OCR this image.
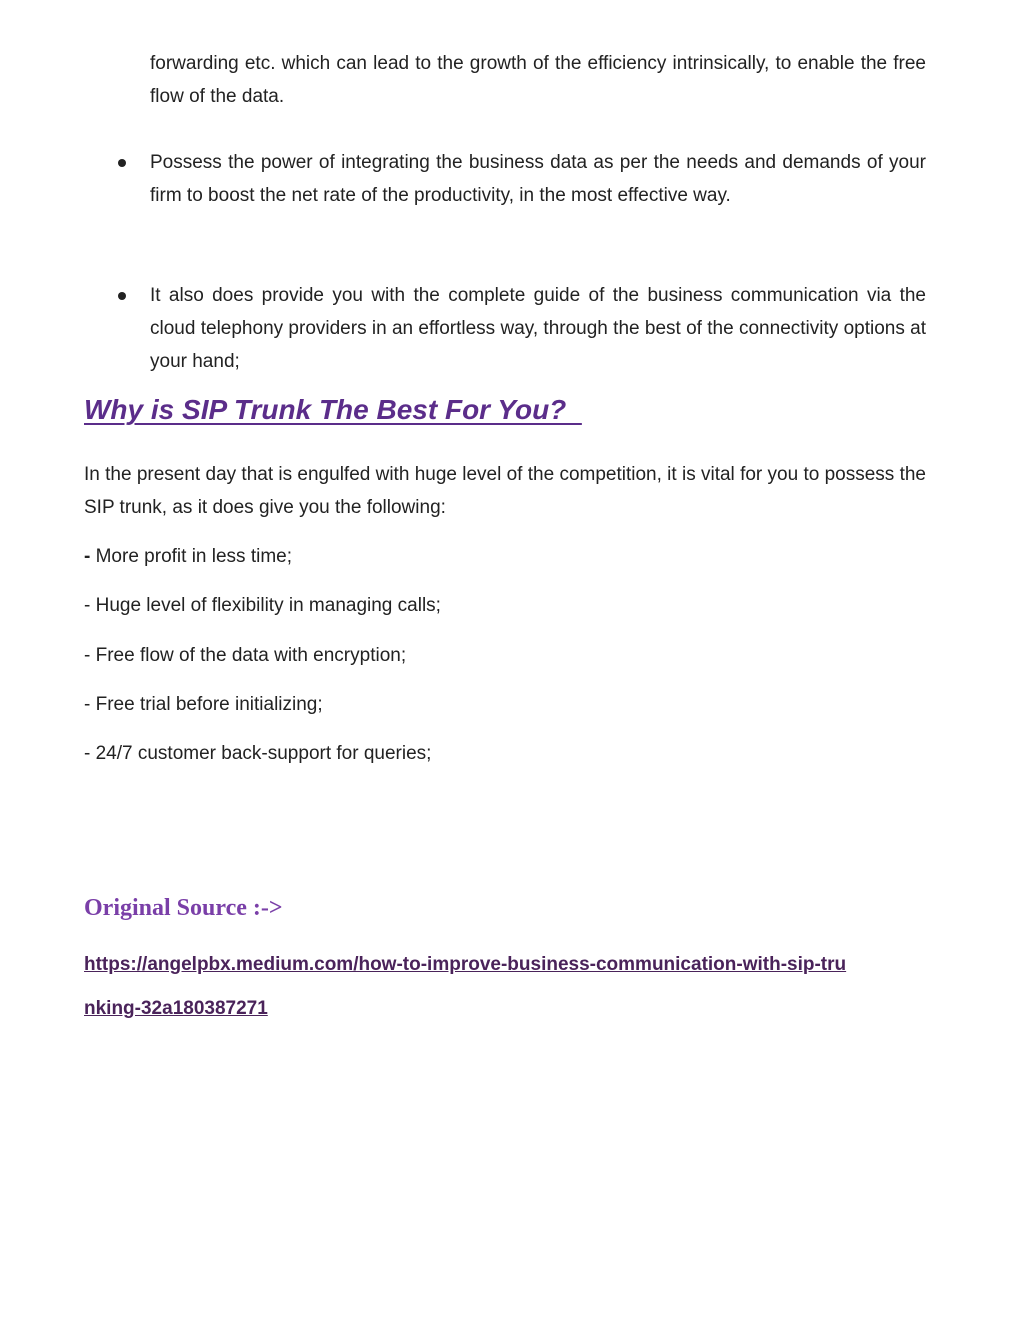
forwarding etc. which can lead to the growth of the efficiency intrinsically, to enable the free flow of the data.

Possess the power of integrating the business data as per the needs and demands of your firm to boost the net rate of the productivity, in the most effective way.

It also does provide you with the complete guide of the business communication via the cloud telephony providers in an effortless way, through the best of the connectivity options at your hand;

Why is SIP Trunk The Best For You?

In the present day that is engulfed with huge level of the competition, it is vital for you to possess the SIP trunk, as it does give you the following:

- More profit in less time;

- Huge level of flexibility in managing calls;

- Free flow of the data with encryption;

- Free trial before initializing;

- 24/7 customer back-support for queries;

Original Source :->
https://angelpbx.medium.com/how-to-improve-business-communication-with-sip-tru
nking-32a180387271
